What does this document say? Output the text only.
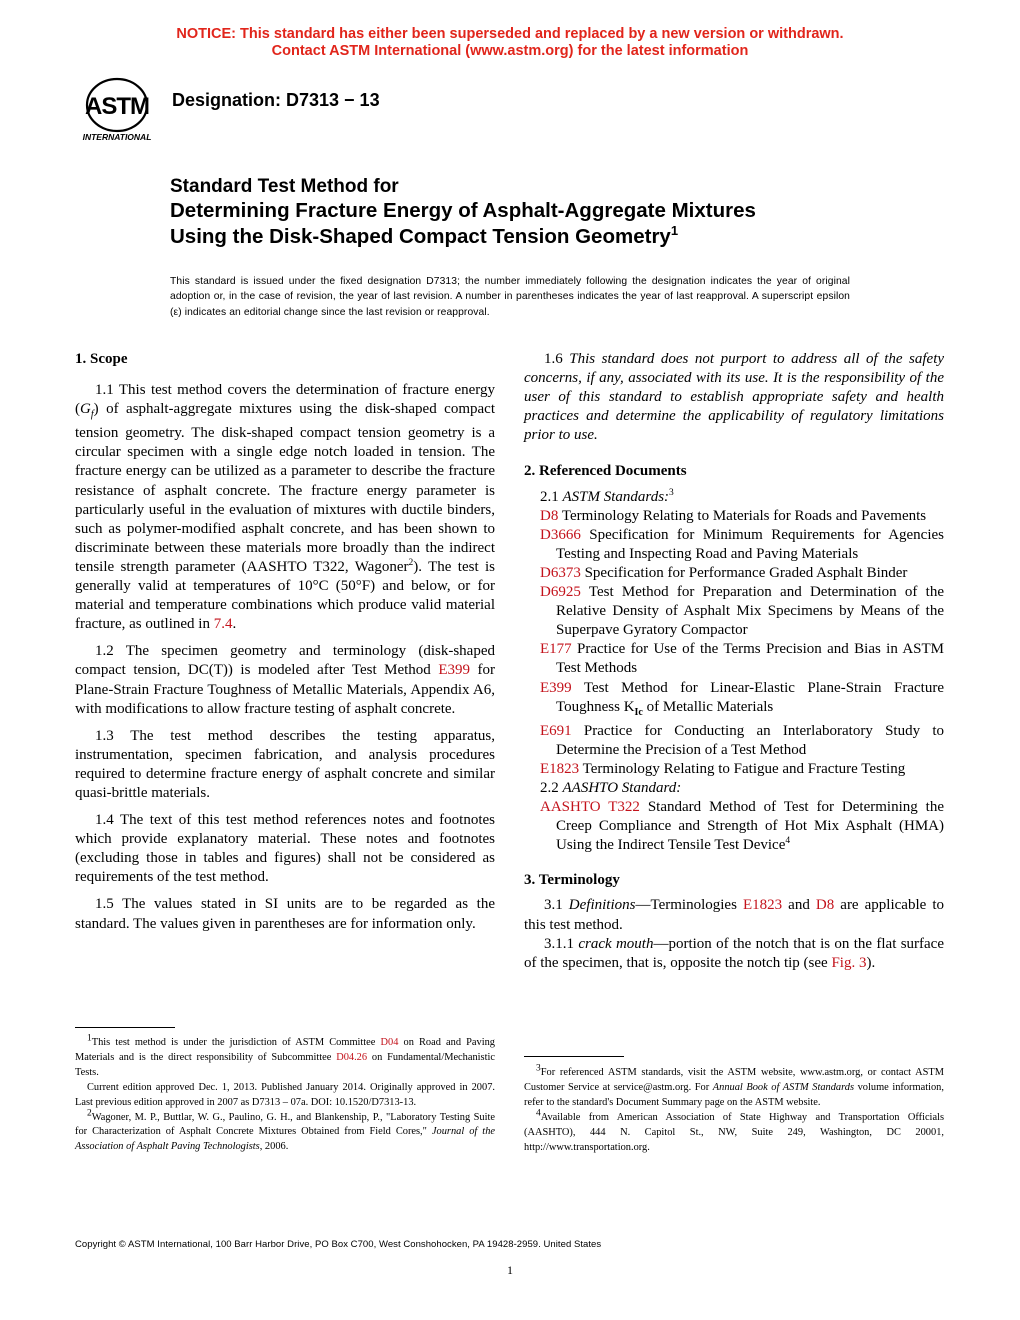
NOTICE: This standard has either been superseded and replaced by a new version or withdrawn.
Contact ASTM International (www.astm.org) for the latest information
ASTM
INTERNATIONAL
Designation: D7313 − 13
Standard Test Method for
Determining Fracture Energy of Asphalt-Aggregate Mixtures
Using the Disk-Shaped Compact Tension Geometry$^1$
This standard is issued under the fixed designation D7313; the number immediately following the designation indicates the year of original adoption or, in the case of revision, the year of last revision. A number in parentheses indicates the year of last reapproval. A superscript epsilon (ε) indicates an editorial change since the last revision or reapproval.
1. Scope

1.1 This test method covers the determination of fracture energy $(G_f)$ of asphalt-aggregate mixtures using the disk-shaped compact tension geometry. The disk-shaped compact tension geometry is a circular specimen with a single edge notch loaded in tension. The fracture energy can be utilized as a parameter to describe the fracture resistance of asphalt concrete. The fracture energy parameter is particularly useful in the evaluation of mixtures with ductile binders, such as polymer-modified asphalt concrete, and has been shown to discriminate between these materials more broadly than the indirect tensile strength parameter (AASHTO T322, Wagoner$^2$). The test is generally valid at temperatures of 10°C (50°F) and below, or for material and temperature combinations which produce valid material fracture, as outlined in 7.4.

1.2 The specimen geometry and terminology (disk-shaped compact tension, DC(T)) is modeled after Test Method E399 for Plane-Strain Fracture Toughness of Metallic Materials, Appendix A6, with modifications to allow fracture testing of asphalt concrete.

1.3 The test method describes the testing apparatus, instrumentation, specimen fabrication, and analysis procedures required to determine fracture energy of asphalt concrete and similar quasi-brittle materials.

1.4 The text of this test method references notes and footnotes which provide explanatory material. These notes and footnotes (excluding those in tables and figures) shall not be considered as requirements of the test method.

1.5 The values stated in SI units are to be regarded as the standard. The values given in parentheses are for information only.

1.6 This standard does not purport to address all of the safety concerns, if any, associated with its use. It is the responsibility of the user of this standard to establish appropriate safety and health practices and determine the applicability of regulatory limitations prior to use.

2. Referenced Documents

2.1 ASTM Standards:$^3$

D8 Terminology Relating to Materials for Roads and Pavements

D3666 Specification for Minimum Requirements for Agencies Testing and Inspecting Road and Paving Materials

D6373 Specification for Performance Graded Asphalt Binder

D6925 Test Method for Preparation and Determination of the Relative Density of Asphalt Mix Specimens by Means of the Superpave Gyratory Compactor

E177 Practice for Use of the Terms Precision and Bias in ASTM Test Methods

E399 Test Method for Linear-Elastic Plane-Strain Fracture Toughness $K_{Ic}$ of Metallic Materials

E691 Practice for Conducting an Interlaboratory Study to Determine the Precision of a Test Method

E1823 Terminology Relating to Fatigue and Fracture Testing

2.2 AASHTO Standard:

AASHTO T322 Standard Method of Test for Determining the Creep Compliance and Strength of Hot Mix Asphalt (HMA) Using the Indirect Tensile Test Device$^4$

3. Terminology

3.1 Definitions—Terminologies E1823 and D8 are applicable to this test method.

3.1.1 crack mouth—portion of the notch that is on the flat surface of the specimen, that is, opposite the notch tip (see Fig. 3).

$^1$This test method is under the jurisdiction of ASTM Committee D04 on Road and Paving Materials and is the direct responsibility of Subcommittee D04.26 on Fundamental/Mechanistic Tests.

Current edition approved Dec. 1, 2013. Published January 2014. Originally approved in 2007. Last previous edition approved in 2007 as D7313 – 07a. DOI: 10.1520/D7313-13.

$^2$Wagoner, M. P., Buttlar, W. G., Paulino, G. H., and Blankenship, P., "Laboratory Testing Suite for Characterization of Asphalt Concrete Mixtures Obtained from Field Cores," Journal of the Association of Asphalt Paving Technologists, 2006.

$^3$For referenced ASTM standards, visit the ASTM website, www.astm.org, or contact ASTM Customer Service at service@astm.org. For Annual Book of ASTM Standards volume information, refer to the standard's Document Summary page on the ASTM website.

$^4$Available from American Association of State Highway and Transportation Officials (AASHTO), 444 N. Capitol St., NW, Suite 249, Washington, DC 20001, http://www.transportation.org.

Copyright © ASTM International, 100 Barr Harbor Drive, PO Box C700, West Conshohocken, PA 19428-2959. United States
1
